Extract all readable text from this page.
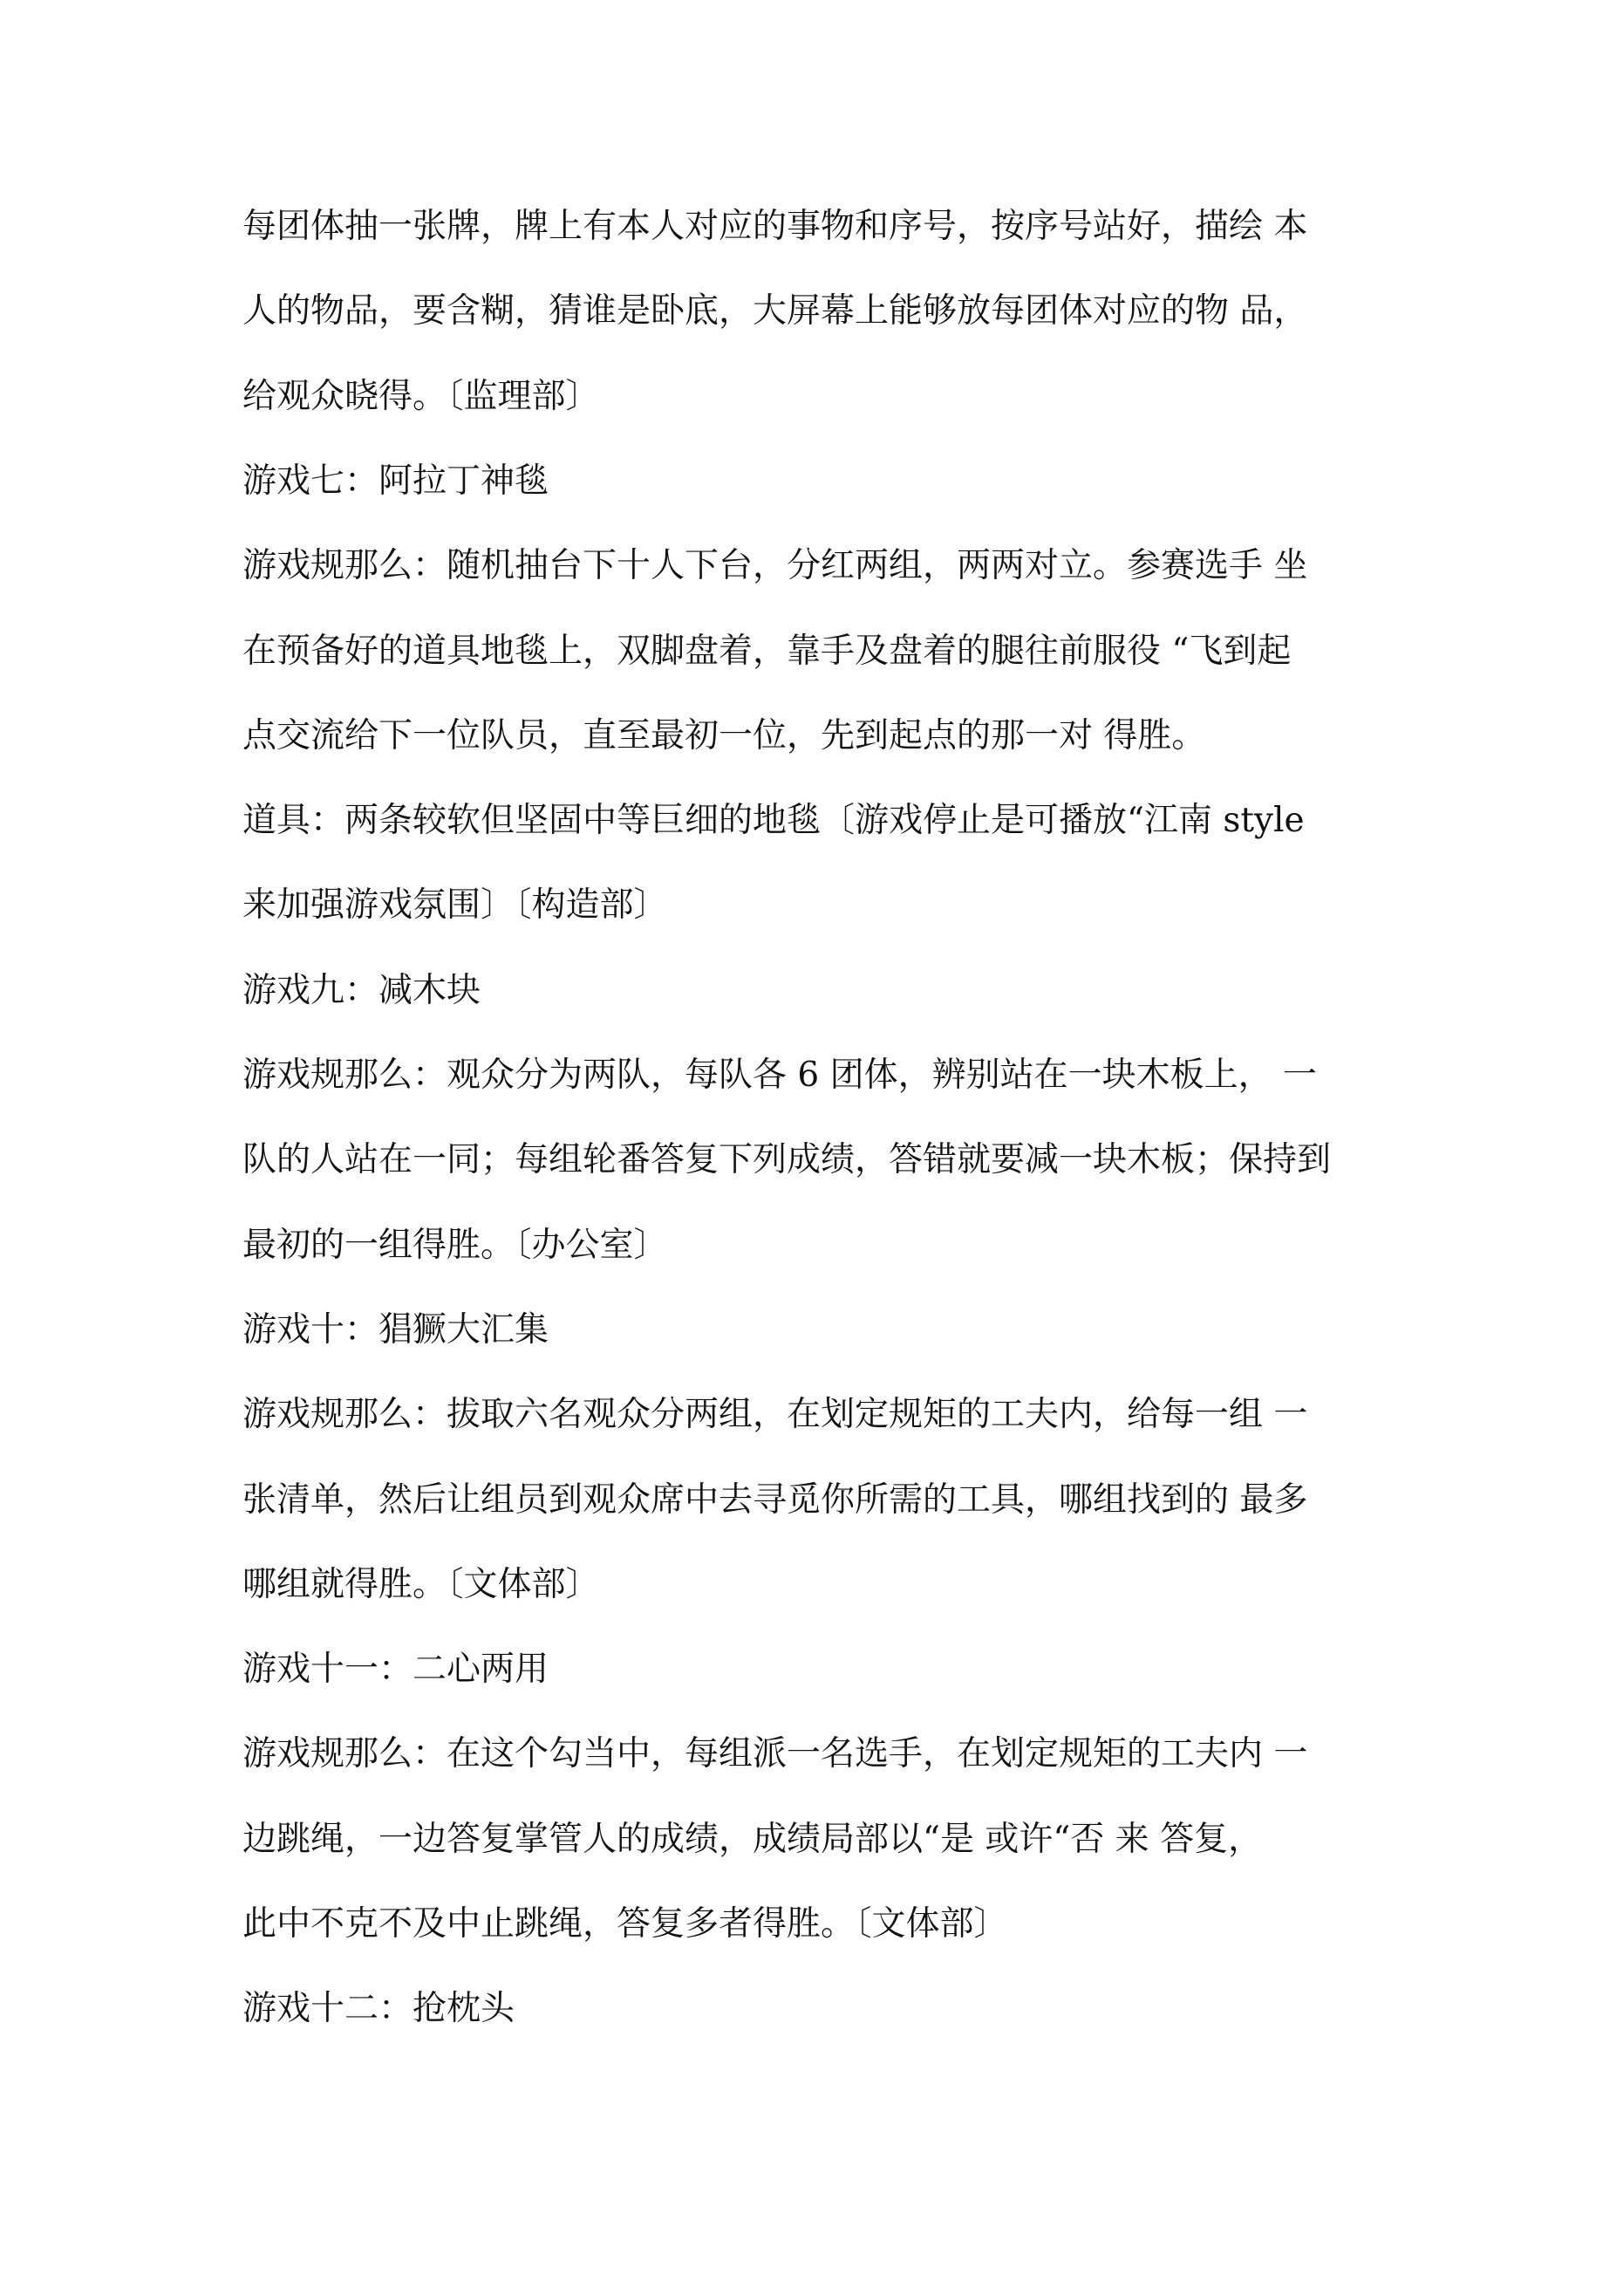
每团体抽一张牌，牌上有本人对应的事物和序号，按序号站好，描绘 本
人的物品，要含糊，猜谁是卧底，大屏幕上能够放每团体对应的物 品，
给观众晓得。〔监理部〕
游戏七：阿拉丁神毯
游戏规那么：随机抽台下十人下台，分红两组，两两对立。参赛选手 坐
在预备好的道具地毯上，双脚盘着，靠手及盘着的腿往前服役 “飞到起
点交流给下一位队员，直至最初一位，先到起点的那一对 得胜。
道具：两条较软但坚固中等巨细的地毯〔游戏停止是可播放“江南 style
来加强游戏氛围〕〔构造部〕
游戏九：减木块
游戏规那么：观众分为两队，每队各 6 团体，辨别站在一块木板上， 一
队的人站在一同；每组轮番答复下列成绩，答错就要减一块木板；保持到
最初的一组得胜。〔办公室〕
游戏十：猖獗大汇集
游戏规那么：拔取六名观众分两组，在划定规矩的工夫内，给每一组 一
张清单，然后让组员到观众席中去寻觅你所需的工具，哪组找到的 最多
哪组就得胜。〔文体部〕
游戏十一：二心两用
游戏规那么：在这个勾当中，每组派一名选手，在划定规矩的工夫内 一
边跳绳，一边答复掌管人的成绩，成绩局部以“是 或许“否 来 答复，
此中不克不及中止跳绳，答复多者得胜。〔文体部〕
游戏十二：抢枕头
